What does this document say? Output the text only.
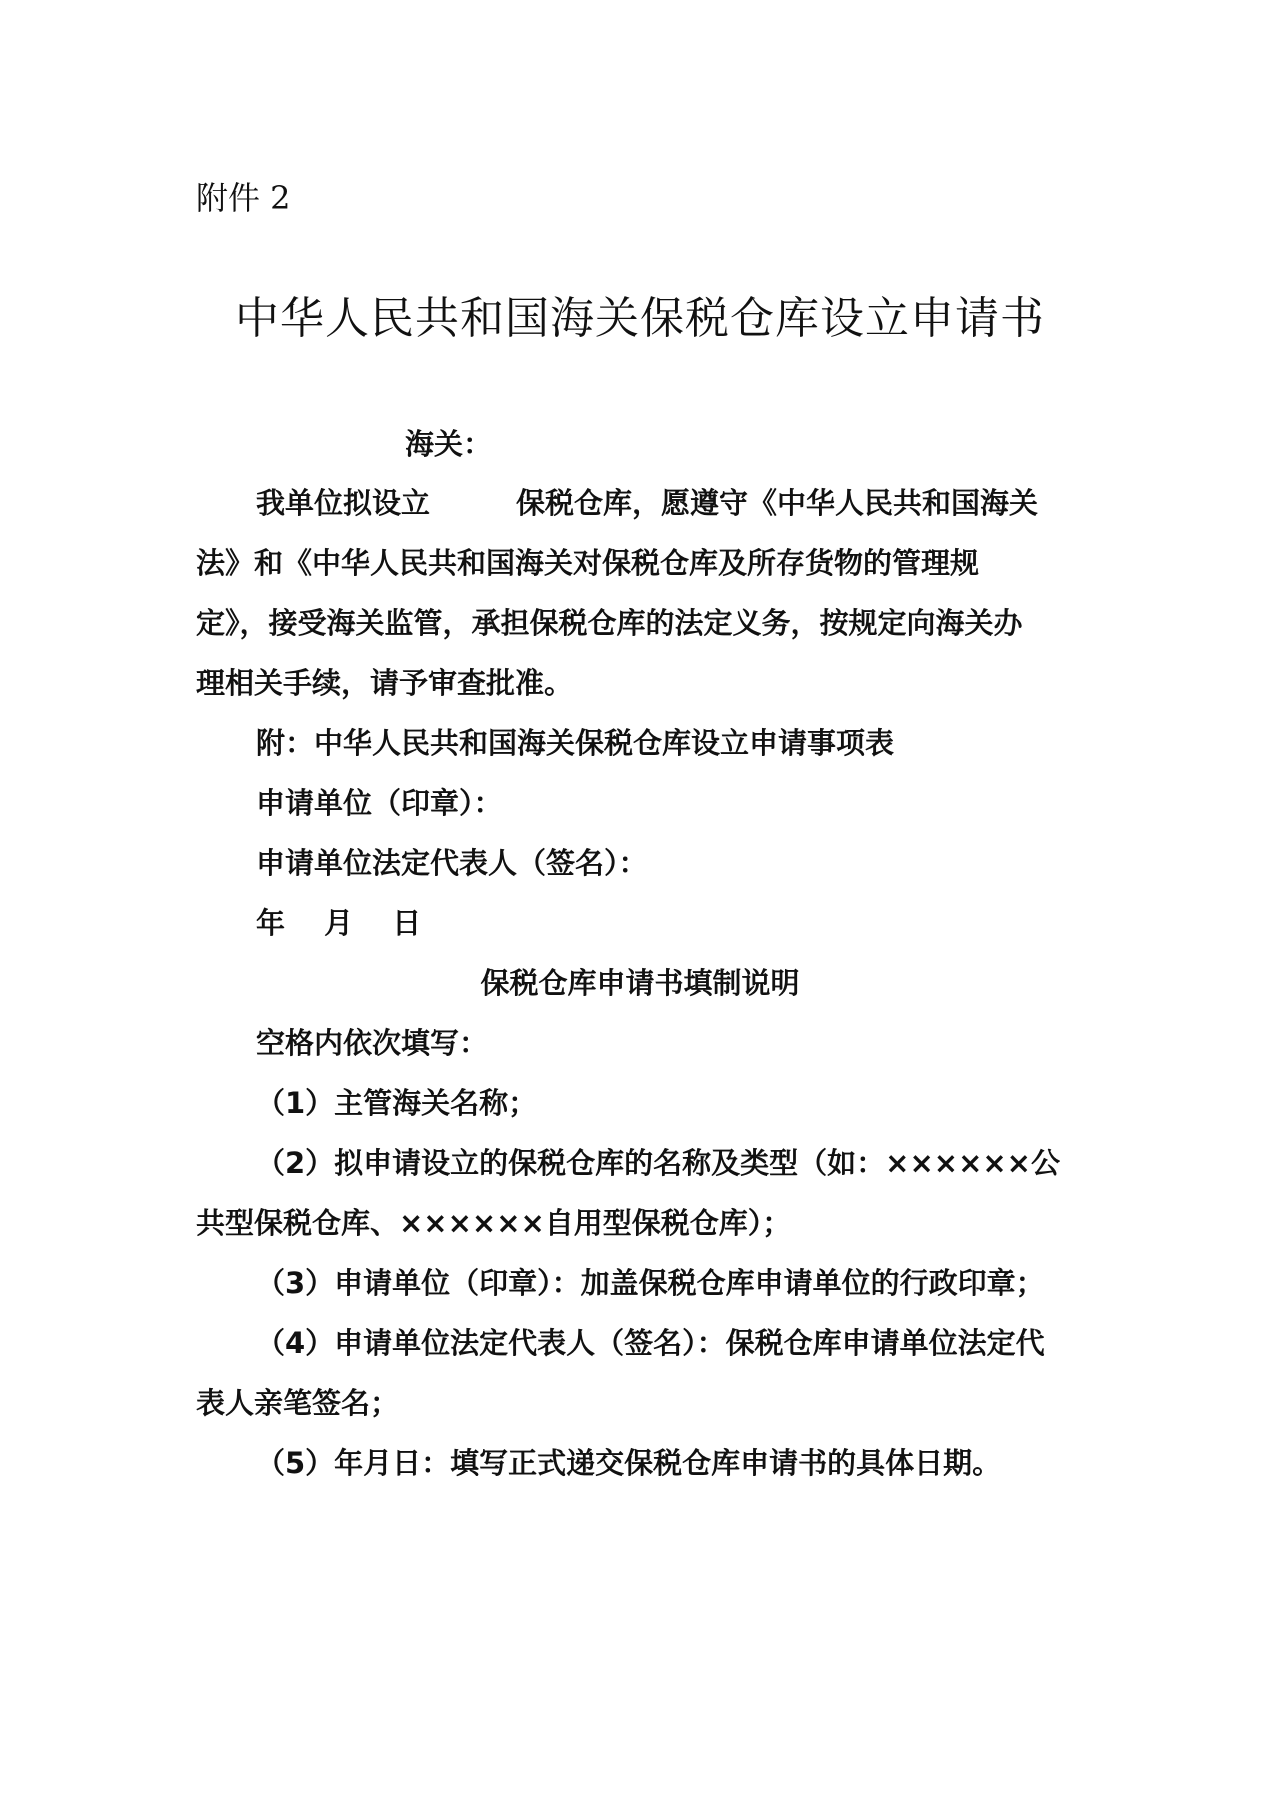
附件 2
中华人民共和国海关保税仓库设立申请书
海关：
我单位拟设立	保税仓库，愿遵守《中华人民共和国海关
法》和《中华人民共和国海关对保税仓库及所存货物的管理规
定》，接受海关监管，承担保税仓库的法定义务，按规定向海关办
理相关手续，请予审查批准。
附：中华人民共和国海关保税仓库设立申请事项表
申请单位（印章）：
申请单位法定代表人（签名）：
年　 月　 日
保税仓库申请书填制说明
空格内依次填写：
（1）主管海关名称；
（2）拟申请设立的保税仓库的名称及类型（如：××××××公
共型保税仓库、××××××自用型保税仓库）；
（3）申请单位（印章）：加盖保税仓库申请单位的行政印章；
（4）申请单位法定代表人（签名）：保税仓库申请单位法定代
表人亲笔签名；
（5）年月日：填写正式递交保税仓库申请书的具体日期。
